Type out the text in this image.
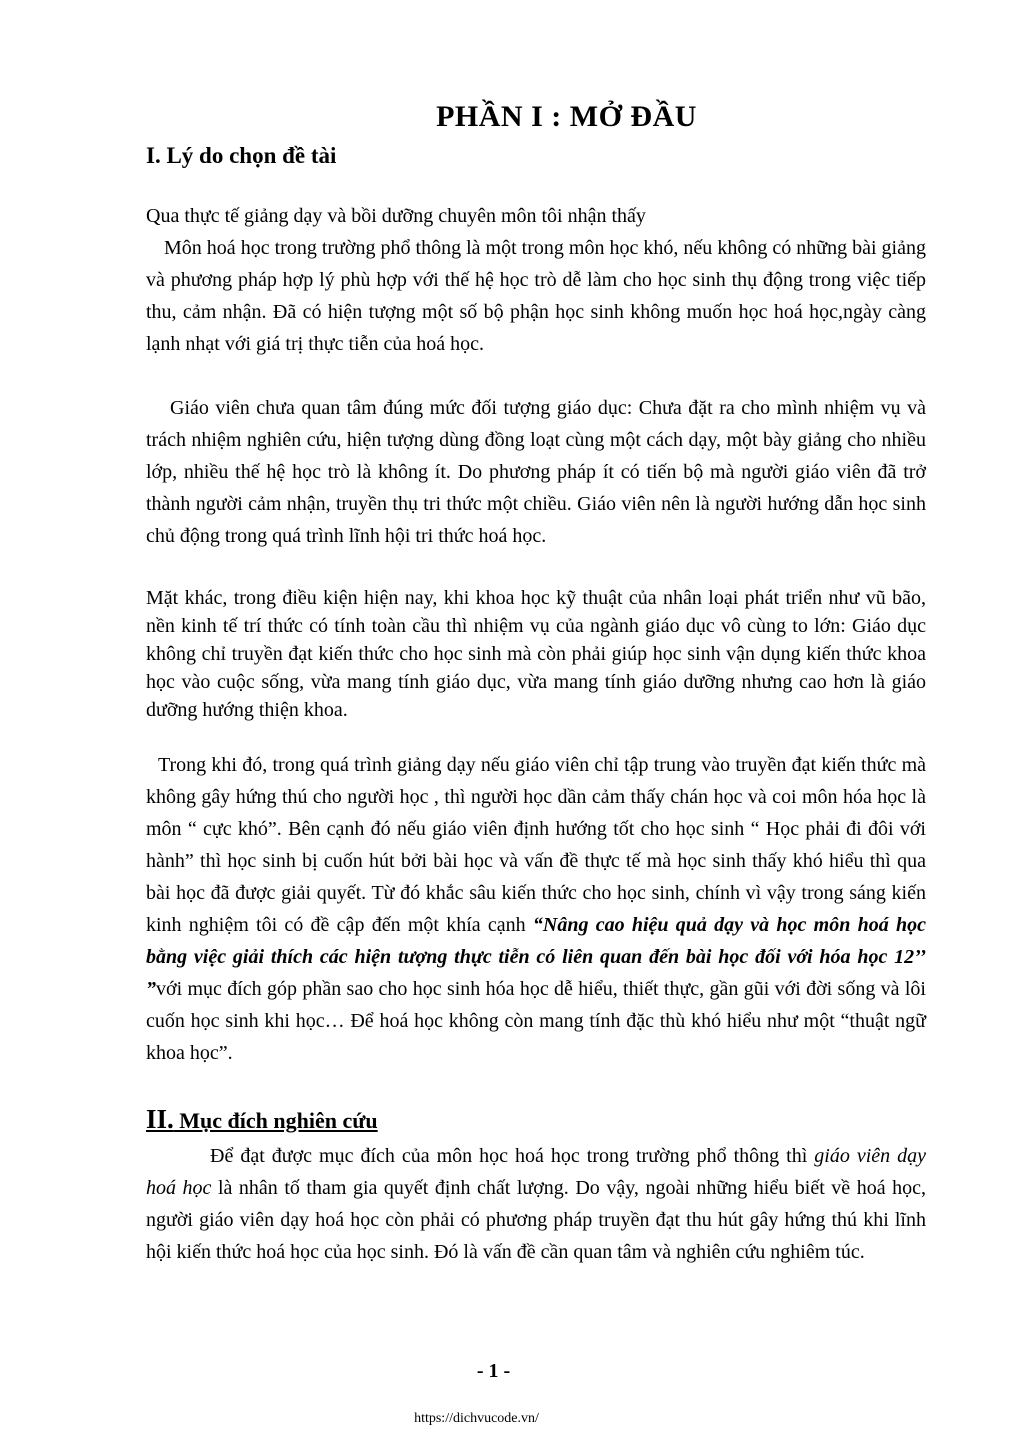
PHẦN I : MỞ ĐẦU
I. Lý do chọn đề tài

Qua thực tế giảng dạy và bồi dưỡng chuyên môn tôi nhận thấy

Môn hoá học trong trường phổ thông là một trong môn học khó, nếu không có những bài giảng và phương pháp hợp lý phù hợp với thế hệ học trò dễ làm cho học sinh thụ động trong việc tiếp thu, cảm nhận. Đã có hiện tượng một số bộ phận học sinh không muốn học hoá học,ngày càng lạnh nhạt với giá trị thực tiễn của hoá học.

Giáo viên chưa quan tâm đúng mức đối tượng giáo dục: Chưa đặt ra cho mình nhiệm vụ và trách nhiệm nghiên cứu, hiện tượng dùng đồng loạt cùng một cách dạy, một bày giảng cho nhiều lớp, nhiều thế hệ học trò là không ít. Do phương pháp ít có tiến bộ mà người giáo viên đã trở thành người cảm nhận, truyền thụ tri thức một chiều. Giáo viên nên là người hướng dẫn học sinh chủ động trong quá trình lĩnh hội tri thức hoá học.

Mặt khác, trong điều kiện hiện nay, khi khoa học kỹ thuật của nhân loại phát triển như vũ bão, nền kinh tế trí thức có tính toàn cầu thì nhiệm vụ của ngành giáo dục vô cùng to lớn: Giáo dục không chỉ truyền đạt kiến thức cho học sinh mà còn phải giúp học sinh vận dụng kiến thức khoa học vào cuộc sống, vừa mang tính giáo dục, vừa mang tính giáo dưỡng nhưng cao hơn là giáo dưỡng hướng thiện khoa.

Trong khi đó, trong quá trình giảng dạy nếu giáo viên chỉ tập trung vào truyền đạt kiến thức mà không gây hứng thú cho người học , thì người học dần cảm thấy chán học và coi môn hóa học là môn “ cực khó”. Bên cạnh đó nếu giáo viên định hướng tốt cho học sinh “ Học phải đi đôi với hành” thì học sinh bị cuốn hút bởi bài học và vấn đề thực tế mà học sinh thấy khó hiểu thì qua bài học đã được giải quyết. Từ đó khắc sâu kiến thức cho học sinh, chính vì vậy trong sáng kiến kinh nghiệm tôi có đề cập đến một khía cạnh “Nâng cao hiệu quả dạy và học môn hoá học bằng việc giải thích các hiện tượng thực tiễn có liên quan đến bài học đối với hóa học 12’’ ”với mục đích góp phần sao cho học sinh hóa học dễ hiểu, thiết thực, gần gũi với đời sống và lôi cuốn học sinh khi học… Để hoá học không còn mang tính đặc thù khó hiểu như một “thuật ngữ khoa học”.

II. Mục đích nghiên cứu

Để đạt được mục đích của môn học hoá học trong trường phổ thông thì giáo viên dạy hoá học là nhân tố tham gia quyết định chất lượng. Do vậy, ngoài những hiểu biết về hoá học, người giáo viên dạy hoá học còn phải có phương pháp truyền đạt thu hút gây hứng thú khi lĩnh hội kiến thức hoá học của học sinh. Đó là vấn đề cần quan tâm và nghiên cứu nghiêm túc.

- 1 -
https://dichvucode.vn/
